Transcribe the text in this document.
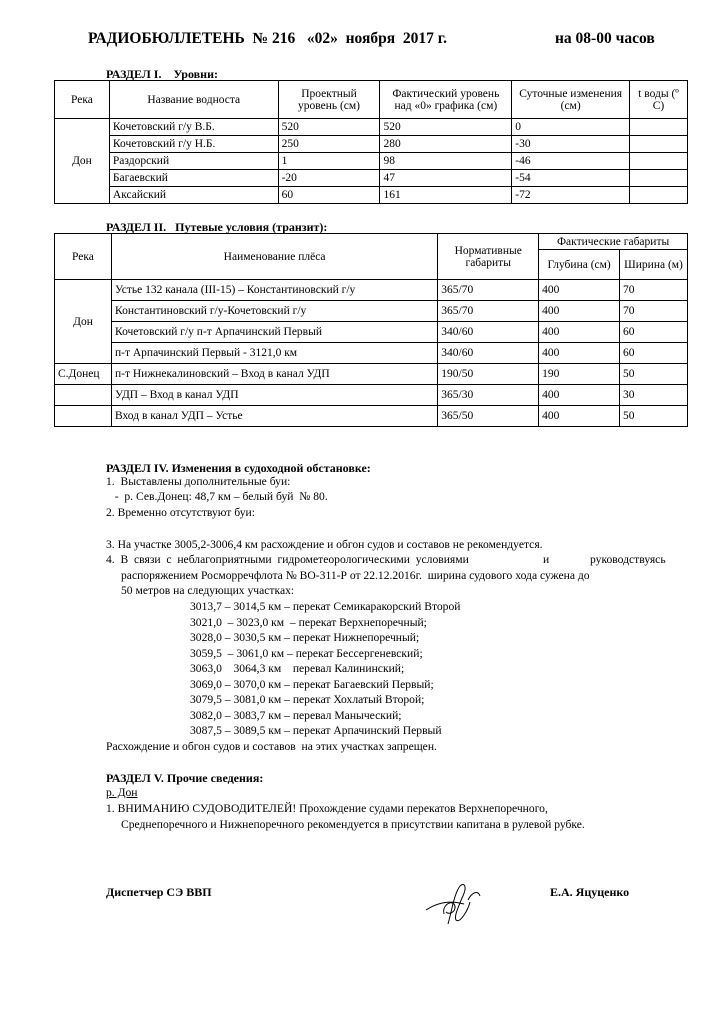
РАДИОБЮЛЛЕТЕНЬ  № 216   «02»  ноября  2017 г.	на 08-00 часов
РАЗДЕЛ I.    Уровни:
Река	Название водноста	Проектный уровень (см)	Фактический уровень над «0» графика (см)	Суточные изменения (см)	t воды (º С)
Дон	Кочетовский г/у В.Б.	520	520	0	
	Кочетовский г/у Н.Б.	250	280	-30	
	Раздорский	1	98	-46	
	Багаевский	-20	47	-54	
	Аксайский	60	161	-72	
РАЗДЕЛ II.   Путевые условия (транзит):
Река	Наименование плёса	Нормативные габариты	Фактические габариты	
			Глубина (см)	Ширина (м)
Дон	Устье 132 канала (III-15) – Константиновский г/у	365/70	400	70
	Константиновский г/у-Кочетовский г/у	365/70	400	70
	Кочетовский г/у п-т Арпачинский Первый	340/60	400	60
	п-т Арпачинский Первый - 3121,0 км	340/60	400	60
С.Донец	п-т Нижнекалиновский – Вход в канал УДП	190/50	190	50
	УДП – Вход в канал УДП	365/30	400	30
	Вход в канал УДП – Устье	365/50	400	50
РАЗДЕЛ IV. Изменения в судоходной обстановке:
1.  Выставлены дополнительные буи:
-  р. Сев.Донец: 48,7 км – белый буй  № 80.
2. Временно отсутствуют буи:
3. На участке 3005,2-3006,4 км расхождение и обгон судов и составов не рекомендуется.
4.  В  связи  с  неблагоприятными  гидрометеорологическими  условиями	и	руководствуясь
распоряжением Росморречфлота № ВО-311-Р от 22.12.2016г.  ширина судового хода сужена до
50 метров на следующих участках:
3013,7 – 3014,5 км – перекат Семикаракорский Второй
3021,0  – 3023,0 км  – перекат Верхнепоречный;
3028,0 – 3030,5 км – перекат Нижнепоречный;
3059,5  – 3061,0 км – перекат Бессергеневский;
3063,0    3064,3 км    перевал Калининский;
3069,0 – 3070,0 км – перекат Багаевский Первый;
3079,5 – 3081,0 км – перекат Хохлатый Второй;
3082,0 – 3083,7 км – перевал Маныческий;
3087,5 – 3089,5 км – перекат Арпачинский Первый
Расхождение и обгон судов и составов  на этих участках запрещен.
РАЗДЕЛ V. Прочие сведения:
р. Дон
1. ВНИМАНИЮ СУДОВОДИТЕЛЕЙ! Прохождение судами перекатов Верхнепоречного,
Среднепоречного и Нижнепоречного рекомендуется в присутствии капитана в рулевой рубке.
Диспетчер СЭ ВВП	Е.А. Яцуценко
